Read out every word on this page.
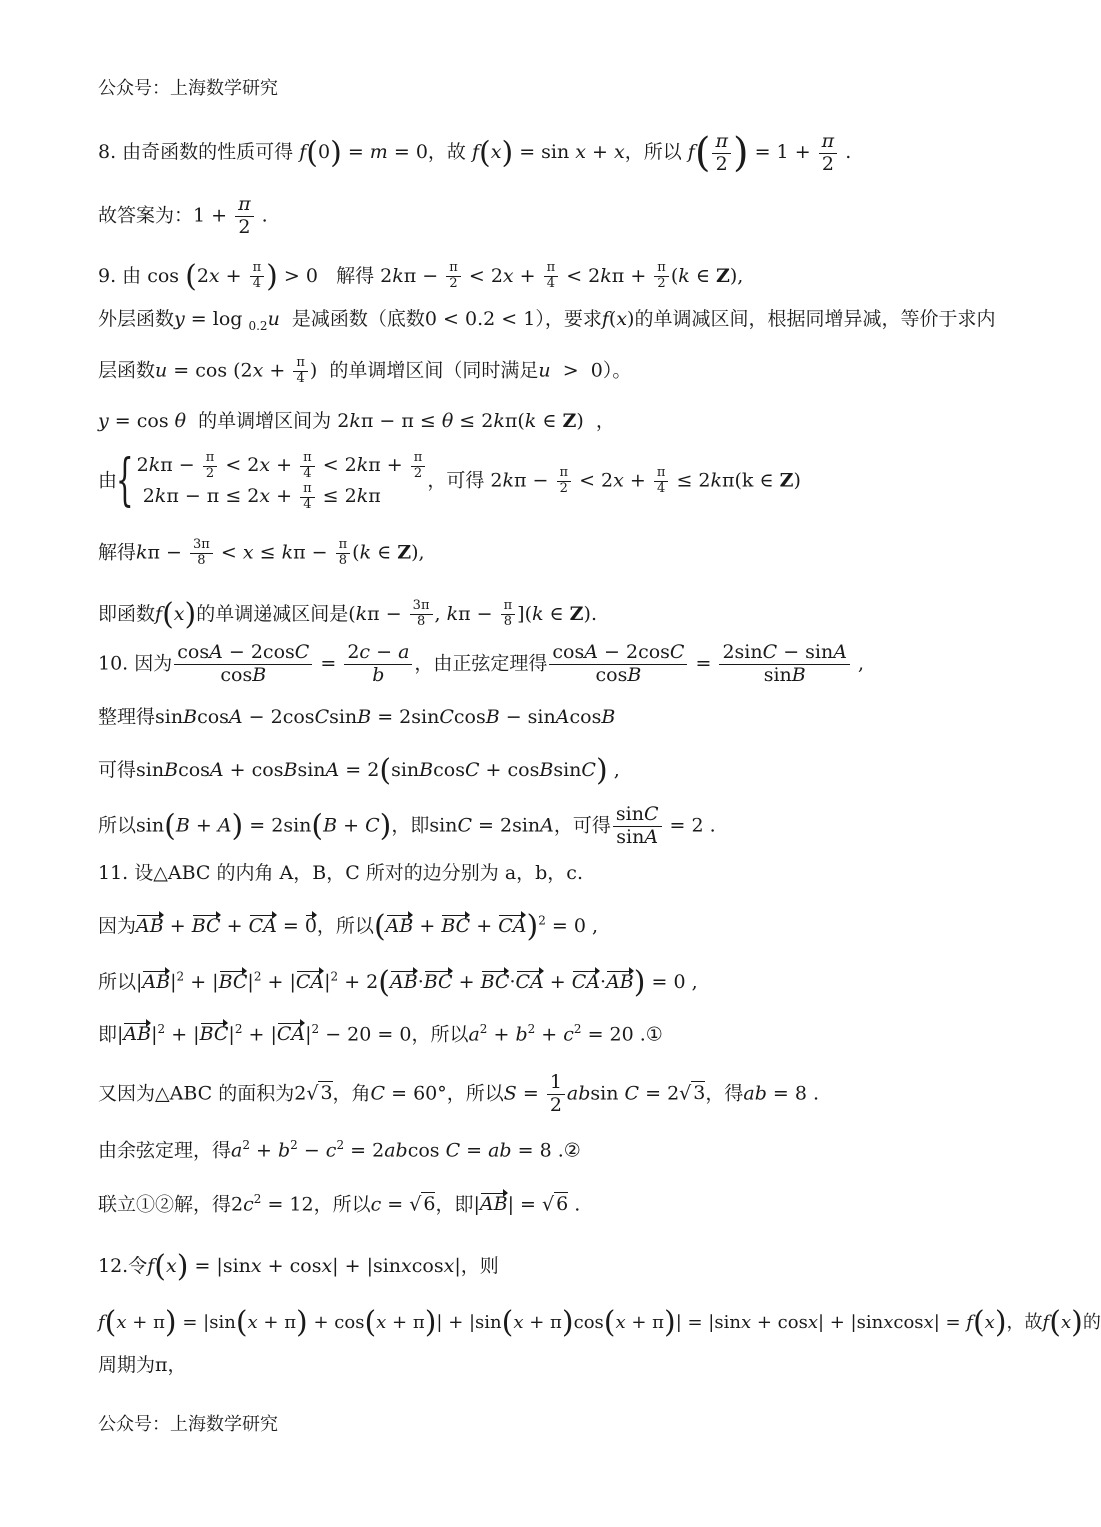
公众号：上海数学研究
8. 由奇函数的性质可得 f(0) = m = 0，故 f(x) = sin x + x，所以 $f( \frac{\pi}{2}$ ) = $1 + \frac{\pi}{2}$ .
故答案为：$1 + \frac{\pi}{2}$ .
9. 由 $\cos (2x + \frac{\pi}{4}$ ) > 0   解得 $2k\pi - \frac{\pi}{2} < 2x + \frac{\pi}{4} < 2k\pi + \frac{\pi}{2} (k$ ∈ Z),
外层函数y = log $_{0.2}$u 是减函数（底数0 < 0.2 < 1），要求f(x)的单调减区间，根据同增异减，等价于求内
层函数$u = \cos (2x + \frac{\pi}{4}$ )  的单调增区间（同时满足u  >  0）。
y = cos θ 的单调增区间为 2kπ − π ≤ θ ≤ 2kπ(k ∈ Z)  ，
由{ $2k\pi - \frac{\pi}{2} < 2x + \frac{\pi}{4} < 2k\pi + \frac{\pi}{2}$
$2k\pi - \pi \le 2x + \frac{\pi}{4} \le 2k\pi$
，可得 $2k\pi - \frac{\pi}{2} < 2x + \frac{\pi}{4} \le 2k\pi(k$ ∈ Z)
解得$k\pi - \frac{3\pi}{8} < x \le k\pi - \frac{\pi}{8} (k$ ∈ Z),
即函数f(x)的单调递减区间是($k\pi - \frac{3\pi}{8}$ , $k\pi - \frac{\pi}{8} ](k$ ∈ Z).
10. 因为 $\frac{\cos A - 2\cos C}{\cos B} = \frac{2c - a}{b}$ ，由正弦定理得 $\frac{\cos A - 2\cos C}{\cos B} = \frac{2\sin C - \sin A}{\sin B}$ ,
整理得sinBcosA − 2cosCsinB = 2sinCcosB − sinAcosB
可得sinBcosA + cosBsinA = 2(sinBcosC + cosBsinC) ,
所以sin(B + A) = 2sin(B + C)，即sinC = 2sinA，可得 $\frac{\sin C}{\sin A} = 2$ .
11. 设△ABC 的内角 A，B，C 所对的边分别为 a，b，c.
因为AB + BC + CA = 0，所以(AB + BC + CA)$^2$ = 0 ,
所以$|AB|^2 + |BC|^2 + |CA|^2 + 2(AB\cdot BC + BC\cdot CA + CA\cdot AB) = 0$ ,
即$|AB|^2 + |BC|^2 + |CA|^2 - 20 = 0$，所以$a^2 + b^2 + c^2 = 20$ .①
又因为△ABC 的面积为2√ 3，角C = 60°，所以$S = \frac{1}{2}$ absin C = 2√ 3，得ab = 8 .
由余弦定理，得$a^2 + b^2 - c^2 = 2abcos$ C = ab = 8 .②
联立①②解，得$2c^2 = 12$，所以c = √ 6，即|AB| = √ 6 .
12.令f(x) = |sinx + cosx| + |sinxcosx|，则
f(x + π) = |sin(x + π) + cos(x + π)| + |sin(x + π)cos(x + π)| = |sinx + cosx| + |sinxcosx| = f(x)，故f(x)的
周期为π，
公众号：上海数学研究
